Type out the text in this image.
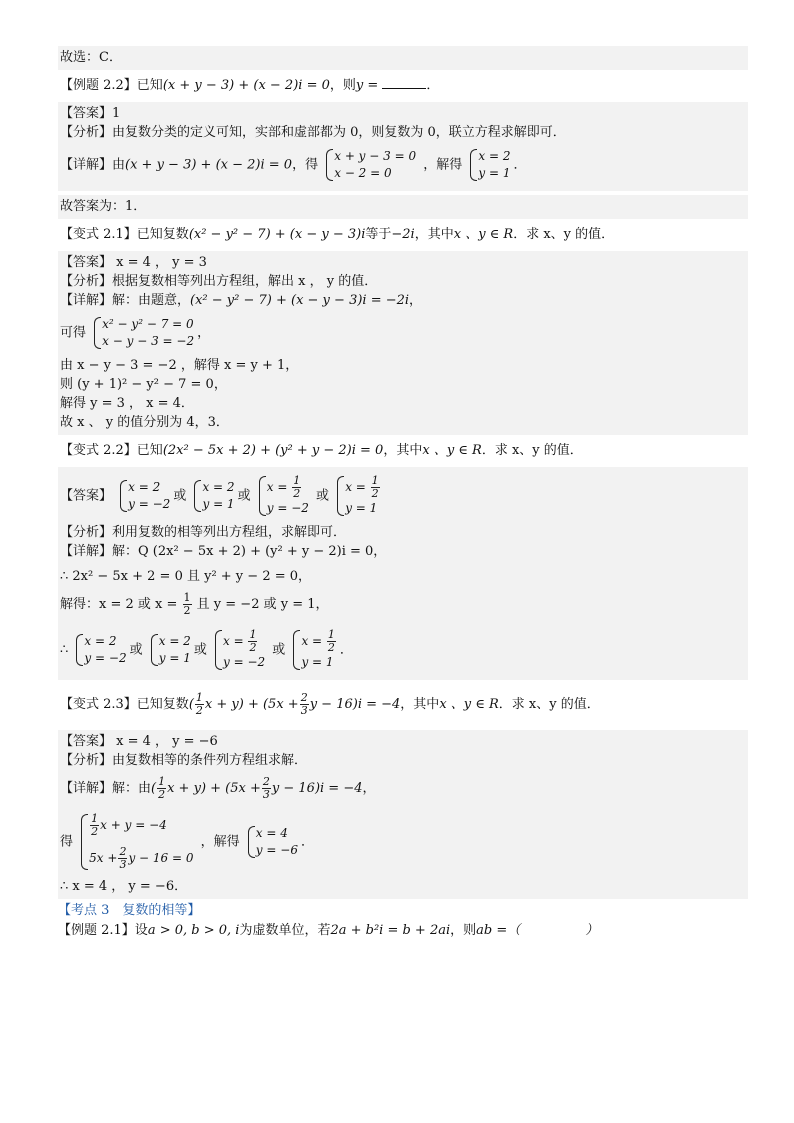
故选：C．
【例题 2.2】已知(x + y − 3) + (x − 2)i = 0，则y =	．
【答案】1
【分析】由复数分类的定义可知，实部和虚部都为 0，则复数为 0，联立方程求解即可．
【详解】由(x + y − 3) + (x − 2)i = 0，得
x + y − 3 = 0
x − 2 = 0
，解得
x = 2
y = 1
．
故答案为：1．
【变式 2.1】已知复数(x² − y² − 7) + (x − y − 3)i等于−2i，其中x 、y ∈ R．求 x、y 的值．
【答案】 x = 4 ， y = 3
【分析】根据复数相等列出方程组，解出 x ， y 的值．
【详解】解：由题意，(x² − y² − 7) + (x − y − 3)i = −2i，
可得
x² − y² − 7 = 0
x − y − 3 = −2
，
由 x − y − 3 = −2 ，解得 x = y + 1，
则 (y + 1)² − y² − 7 = 0，
解得 y = 3 ， x = 4．
故 x 、 y 的值分别为 4，3．
【变式 2.2】已知(2x² − 5x + 2) + (y² + y − 2)i = 0，其中x 、y ∈ R．求 x、y 的值．
【答案】
x = 2
y = −2
或
x = 2
y = 1
或
$x = \frac{1}{2}$
y = −2
或
$x = \frac{1}{2}$
y = 1
【分析】利用复数的相等列出方程组，求解即可．
【详解】解：Q (2x² − 5x + 2) + (y² + y − 2)i = 0，
∴ 2x² − 5x + 2 = 0 且 y² + y − 2 = 0，
解得：x = 2 或 $x = \frac{1}{2}$ 且 y = −2 或 y = 1，
∴
x = 2
y = −2
或
x = 2
y = 1
或
$x = \frac{1}{2}$
y = −2
或
$x = \frac{1}{2}$
y = 1
．
【变式 2.3】已知复数( $\frac{1}{2}$ $x + y) + (5x + \frac{2}{3}$ y − 16)i = −4，其中x 、y ∈ R．求 x、y 的值．
【答案】 x = 4 ， y = −6
【分析】由复数相等的条件列方程组求解．
【详解】解：由( $\frac{1}{2}$ $x + y) + (5x + \frac{2}{3}$ y − 16)i = −4，
得
$\frac{1}{2}$ x + y = −4
$5x + \frac{2}{3}$ y − 16 = 0
，解得
x = 4
y = −6
．
∴ x = 4 ， y = −6．
【考点 3　复数的相等】
【例题 2.1】设a > 0, b > 0, i为虚数单位，若2a + b²i = b + 2ai，则ab =（　　　　　）
